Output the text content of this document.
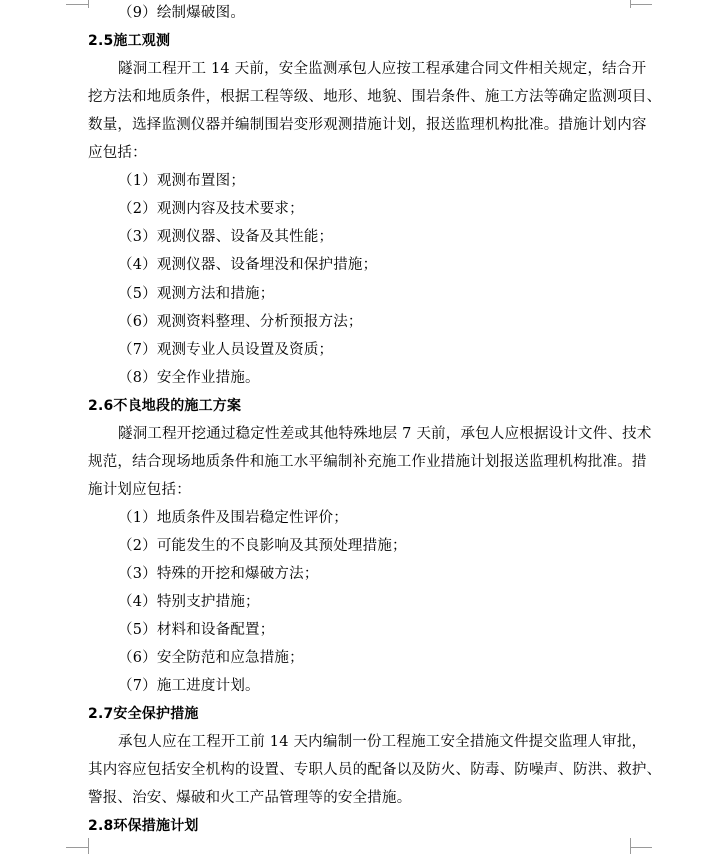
（9）绘制爆破图。
2.5施工观测
隧洞工程开工 14 天前，安全监测承包人应按工程承建合同文件相关规定，结合开
挖方法和地质条件，根据工程等级、地形、地貌、围岩条件、施工方法等确定监测项目、
数量，选择监测仪器并编制围岩变形观测措施计划，报送监理机构批准。措施计划内容
应包括：
（1）观测布置图；
（2）观测内容及技术要求；
（3）观测仪器、设备及其性能；
（4）观测仪器、设备埋没和保护措施；
（5）观测方法和措施；
（6）观测资料整理、分析预报方法；
（7）观测专业人员设置及资质；
（8）安全作业措施。
2.6不良地段的施工方案
隧洞工程开挖通过稳定性差或其他特殊地层 7 天前，承包人应根据设计文件、技术
规范，结合现场地质条件和施工水平编制补充施工作业措施计划报送监理机构批准。措
施计划应包括：
（1）地质条件及围岩稳定性评价；
（2）可能发生的不良影响及其预处理措施；
（3）特殊的开挖和爆破方法；
（4）特别支护措施；
（5）材料和设备配置；
（6）安全防范和应急措施；
（7）施工进度计划。
2.7安全保护措施
承包人应在工程开工前 14 天内编制一份工程施工安全措施文件提交监理人审批，
其内容应包括安全机构的设置、专职人员的配备以及防火、防毒、防噪声、防洪、救护、
警报、治安、爆破和火工产品管理等的安全措施。
2.8环保措施计划
